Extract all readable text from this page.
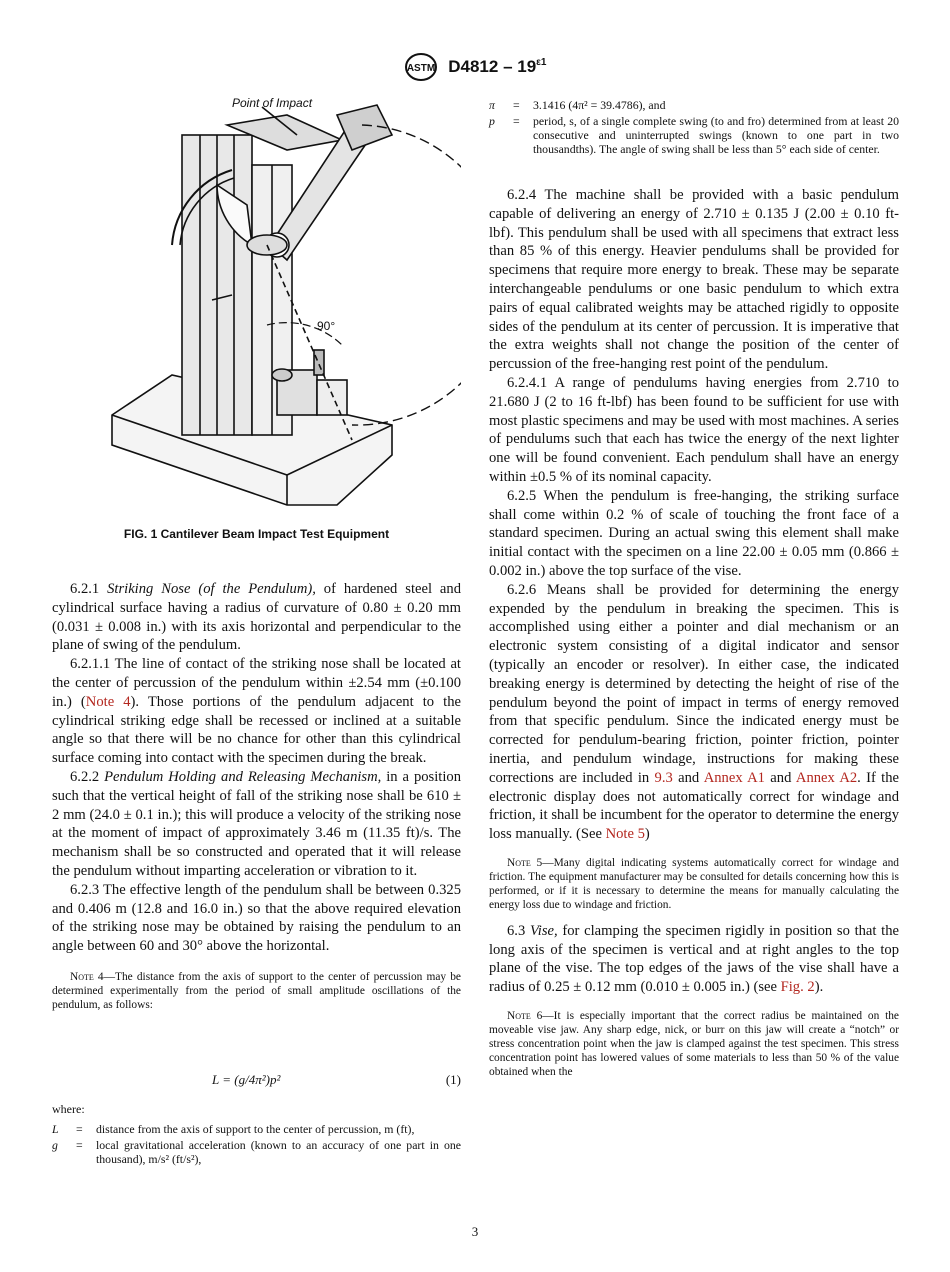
ASTM $D4812 - 19^{\varepsilon 1}$
Point of Impact
90°
FIG. 1 Cantilever Beam Impact Test Equipment

6.2.1 Striking Nose (of the Pendulum), of hardened steel and cylindrical surface having a radius of curvature of 0.80 ± 0.20 mm (0.031 ± 0.008 in.) with its axis horizontal and perpendicular to the plane of swing of the pendulum.

6.2.1.1 The line of contact of the striking nose shall be located at the center of percussion of the pendulum within ±2.54 mm (±0.100 in.) (Note 4). Those portions of the pendulum adjacent to the cylindrical striking edge shall be recessed or inclined at a suitable angle so that there will be no chance for other than this cylindrical surface coming into contact with the specimen during the break.

6.2.2 Pendulum Holding and Releasing Mechanism, in a position such that the vertical height of fall of the striking nose shall be 610 ± 2 mm (24.0 ± 0.1 in.); this will produce a velocity of the striking nose at the moment of impact of approximately 3.46 m (11.35 ft)/s. The mechanism shall be so constructed and operated that it will release the pendulum without imparting acceleration or vibration to it.

6.2.3 The effective length of the pendulum shall be between 0.325 and 0.406 m (12.8 and 16.0 in.) so that the above required elevation of the striking nose may be obtained by raising the pendulum to an angle between 60 and 30° above the horizontal.

Note 4—The distance from the axis of support to the center of percussion may be determined experimentally from the period of small amplitude oscillations of the pendulum, as follows:

L = (g/4π²)p²	(1)
where:
L	= distance from the axis of support to the center of percussion, m (ft),
g	= local gravitational acceleration (known to an accuracy of one part in one thousand), m/s² (ft/s²),
π	= 3.1416 (4π² = 39.4786), and
p	= period, s, of a single complete swing (to and fro) determined from at least 20 consecutive and uninterrupted swings (known to one part in two thousandths). The angle of swing shall be less than 5° each side of center.

6.2.4 The machine shall be provided with a basic pendulum capable of delivering an energy of 2.710 ± 0.135 J (2.00 ± 0.10 ft-lbf). This pendulum shall be used with all specimens that extract less than 85 % of this energy. Heavier pendulums shall be provided for specimens that require more energy to break. These may be separate interchangeable pendulums or one basic pendulum to which extra pairs of equal calibrated weights may be attached rigidly to opposite sides of the pendulum at its center of percussion. It is imperative that the extra weights shall not change the position of the center of percussion of the free-hanging rest point of the pendulum.

6.2.4.1 A range of pendulums having energies from 2.710 to 21.680 J (2 to 16 ft-lbf) has been found to be sufficient for use with most plastic specimens and may be used with most machines. A series of pendulums such that each has twice the energy of the next lighter one will be found convenient. Each pendulum shall have an energy within ±0.5 % of its nominal capacity.

6.2.5 When the pendulum is free-hanging, the striking surface shall come within 0.2 % of scale of touching the front face of a standard specimen. During an actual swing this element shall make initial contact with the specimen on a line 22.00 ± 0.05 mm (0.866 ± 0.002 in.) above the top surface of the vise.

6.2.6 Means shall be provided for determining the energy expended by the pendulum in breaking the specimen. This is accomplished using either a pointer and dial mechanism or an electronic system consisting of a digital indicator and sensor (typically an encoder or resolver). In either case, the indicated breaking energy is determined by detecting the height of rise of the pendulum beyond the point of impact in terms of energy removed from that specific pendulum. Since the indicated energy must be corrected for pendulum-bearing friction, pointer friction, pointer inertia, and pendulum windage, instructions for making these corrections are included in 9.3 and Annex A1 and Annex A2. If the electronic display does not automatically correct for windage and friction, it shall be incumbent for the operator to determine the energy loss manually. (See Note 5)

Note 5—Many digital indicating systems automatically correct for windage and friction. The equipment manufacturer may be consulted for details concerning how this is performed, or if it is necessary to determine the means for manually calculating the energy loss due to windage and friction.

6.3 Vise, for clamping the specimen rigidly in position so that the long axis of the specimen is vertical and at right angles to the top plane of the vise. The top edges of the jaws of the vise shall have a radius of 0.25 ± 0.12 mm (0.010 ± 0.005 in.) (see Fig. 2).

Note 6—It is especially important that the correct radius be maintained on the moveable vise jaw. Any sharp edge, nick, or burr on this jaw will create a “notch” or stress concentration point when the jaw is clamped against the test specimen. This stress concentration point has lowered values of some materials to less than 50 % of the value obtained when the

3
